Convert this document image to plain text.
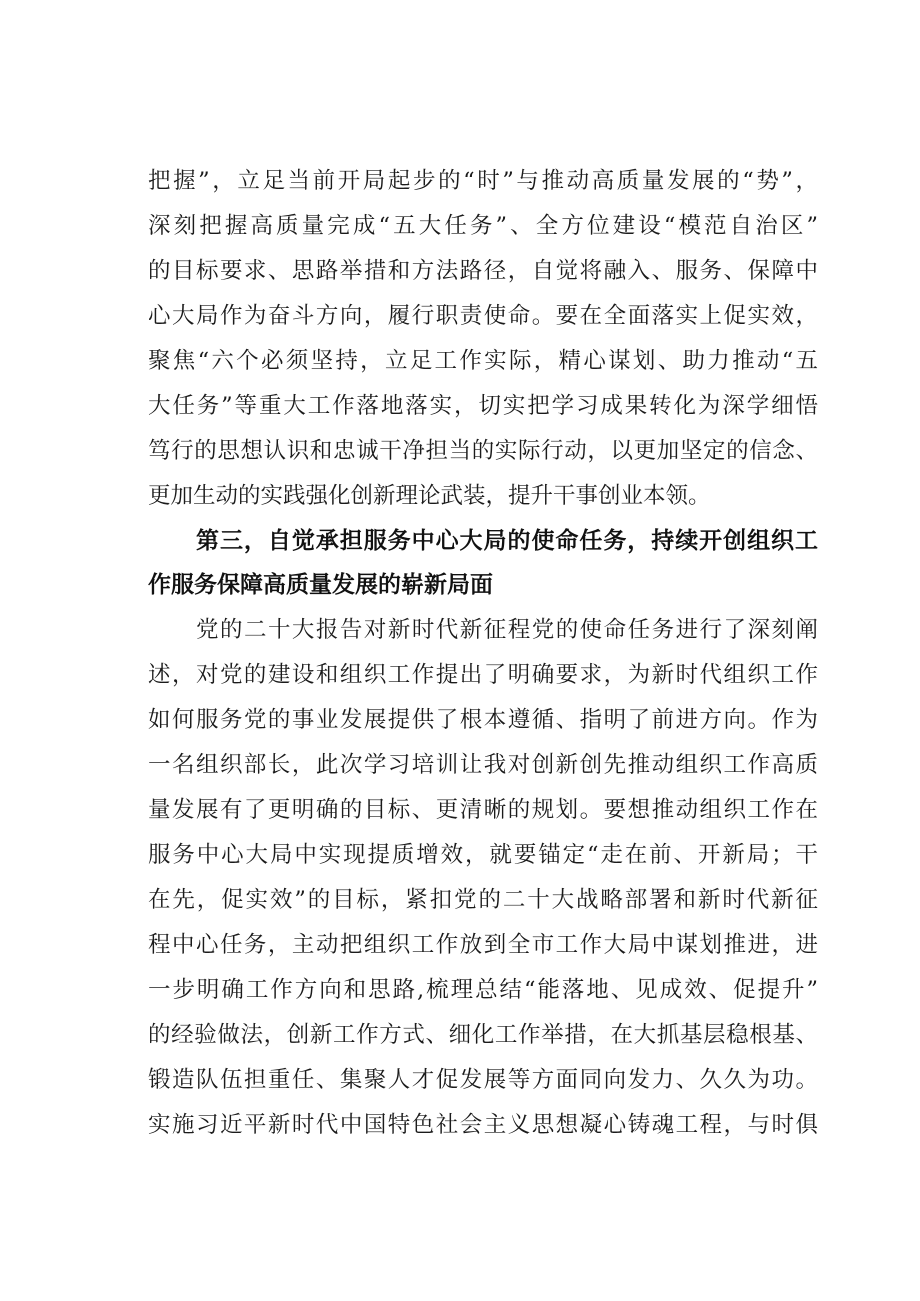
把握”，立足当前开局起步的“时”与推动高质量发展的“势”，
深刻把握高质量完成“五大任务”、全方位建设“模范自治区”
的目标要求、思路举措和方法路径，自觉将融入、服务、保障中
心大局作为奋斗方向，履行职责使命。要在全面落实上促实效，
聚焦“六个必须坚持，立足工作实际，精心谋划、助力推动“五
大任务”等重大工作落地落实，切实把学习成果转化为深学细悟
笃行的思想认识和忠诚干净担当的实际行动，以更加坚定的信念、
更加生动的实践强化创新理论武装，提升干事创业本领。
第三，自觉承担服务中心大局的使命任务，持续开创组织工
作服务保障高质量发展的崭新局面
党的二十大报告对新时代新征程党的使命任务进行了深刻阐
述，对党的建设和组织工作提出了明确要求，为新时代组织工作
如何服务党的事业发展提供了根本遵循、指明了前进方向。作为
一名组织部长，此次学习培训让我对创新创先推动组织工作高质
量发展有了更明确的目标、更清晰的规划。要想推动组织工作在
服务中心大局中实现提质增效，就要锚定“走在前、开新局；干
在先，促实效”的目标，紧扣党的二十大战略部署和新时代新征
程中心任务，主动把组织工作放到全市工作大局中谋划推进，进
一步明确工作方向和思路,梳理总结“能落地、见成效、促提升”
的经验做法，创新工作方式、细化工作举措，在大抓基层稳根基、
锻造队伍担重任、集聚人才促发展等方面同向发力、久久为功。
实施习近平新时代中国特色社会主义思想凝心铸魂工程，与时俱
